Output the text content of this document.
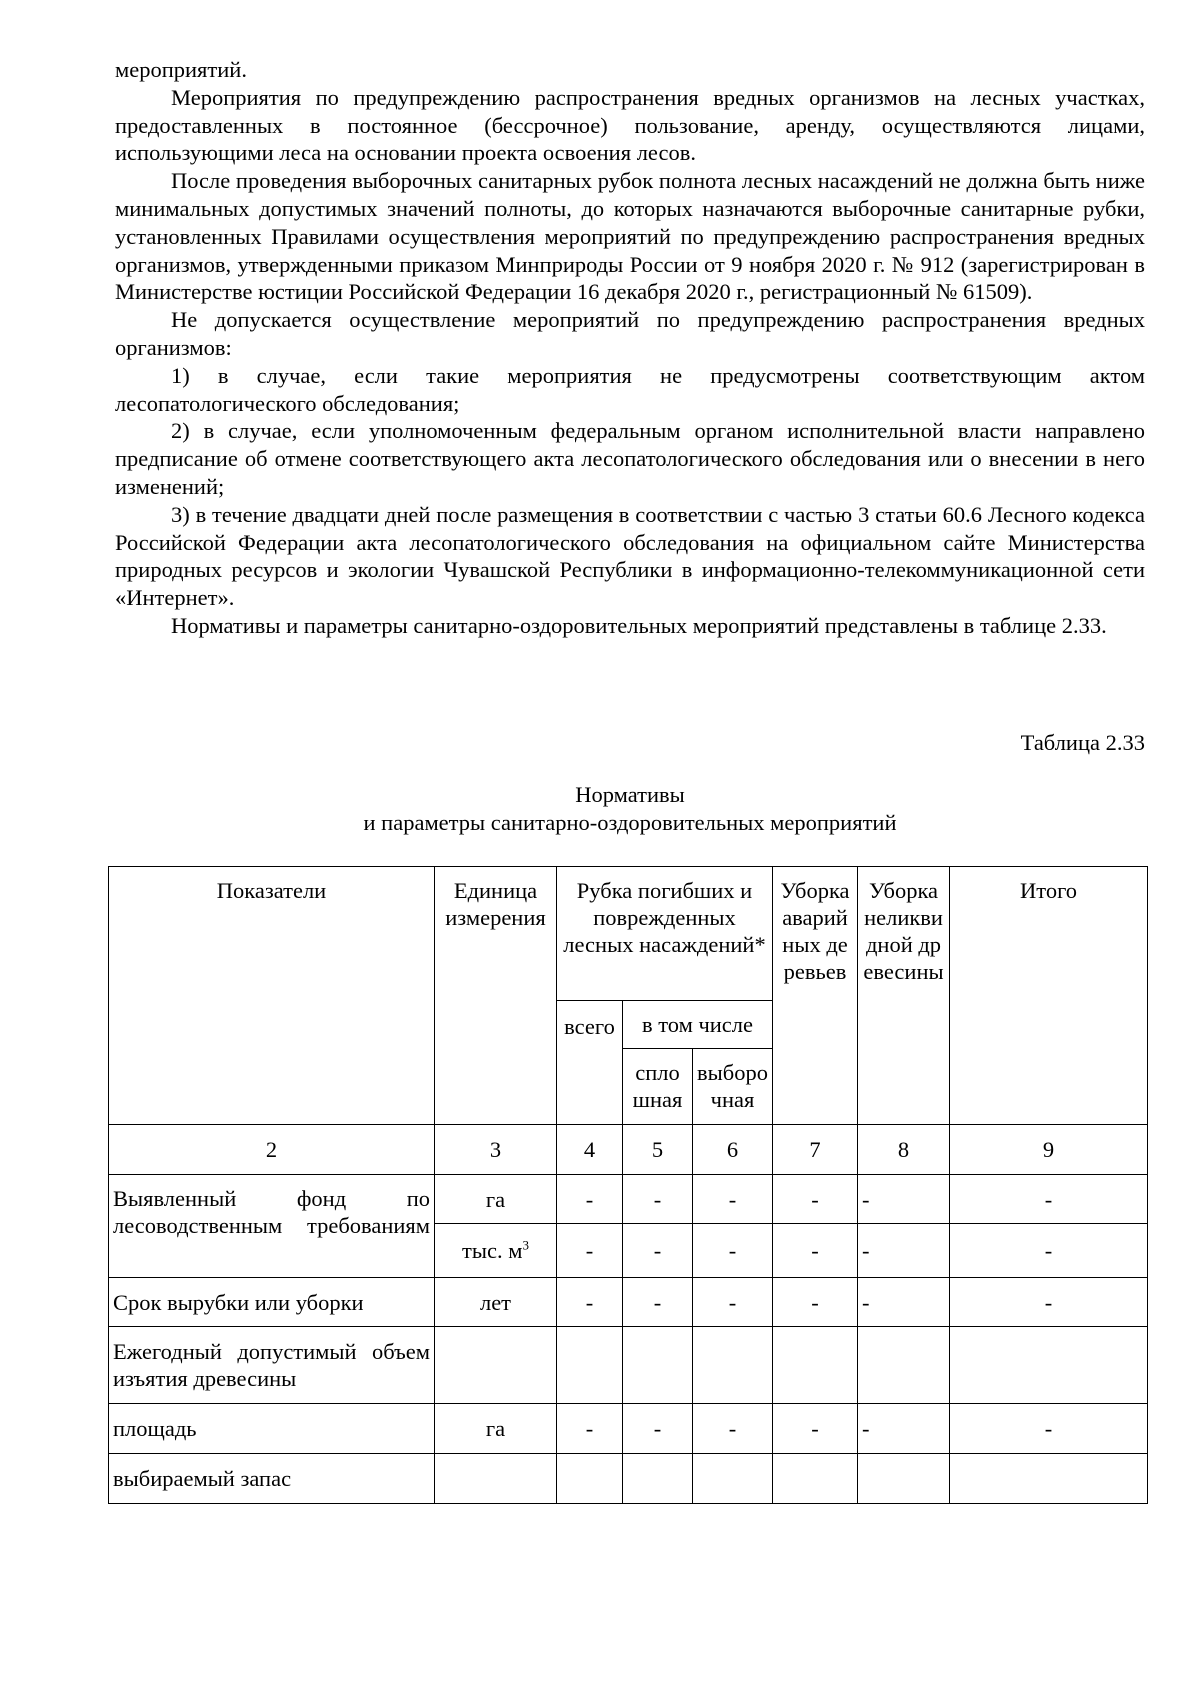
мероприятий.

Мероприятия по предупреждению распространения вредных организмов на лесных участках, предоставленных в постоянное (бессрочное) пользование, аренду, осуществляются лицами, использующими леса на основании проекта освоения лесов.

После проведения выборочных санитарных рубок полнота лесных насаждений не должна быть ниже минимальных допустимых значений полноты, до которых назначаются выборочные санитарные рубки, установленных Правилами осуществления мероприятий по предупреждению распространения вредных организмов, утвержденными приказом Минприроды России от 9 ноября 2020 г. № 912 (зарегистрирован в Министерстве юстиции Российской Федерации 16 декабря 2020 г., регистрационный № 61509).

Не допускается осуществление мероприятий по предупреждению распространения вредных организмов:

1) в случае, если такие мероприятия не предусмотрены соответствующим актом лесопатологического обследования;

2) в случае, если уполномоченным федеральным органом исполнительной власти направлено предписание об отмене соответствующего акта лесопатологического обследования или о внесении в него изменений;

3) в течение двадцати дней после размещения в соответствии с частью 3 статьи 60.6 Лесного кодекса Российской Федерации акта лесопатологического обследования на официальном сайте Министерства природных ресурсов и экологии Чувашской Республики в информационно-телекоммуникационной сети «Интернет».

Нормативы и параметры санитарно-оздоровительных мероприятий представлены в таблице 2.33.

Таблица 2.33
Нормативы
и параметры санитарно-оздоровительных мероприятий
Показатели	Единица измерения	Рубка погибших и поврежденных лесных насаждений*			Уборка аварийных деревьев	Уборка неликвидной древесины	Итого
		всего	в том числе				
			сплошная	выборочная			
2	3	4	5	6	7	8	9

Выявленный фонд по лесоводственным требованиям	га	-	-	-	-	-	-
	тыс. $м^3$	-	-	-	-	-	-
Срок вырубки или уборки	лет	-	-	-	-	-	-

Ежегодный допустимый объем изъятия древесины							

площадь	га	-	-	-	-	-	-
выбираемый запас							
